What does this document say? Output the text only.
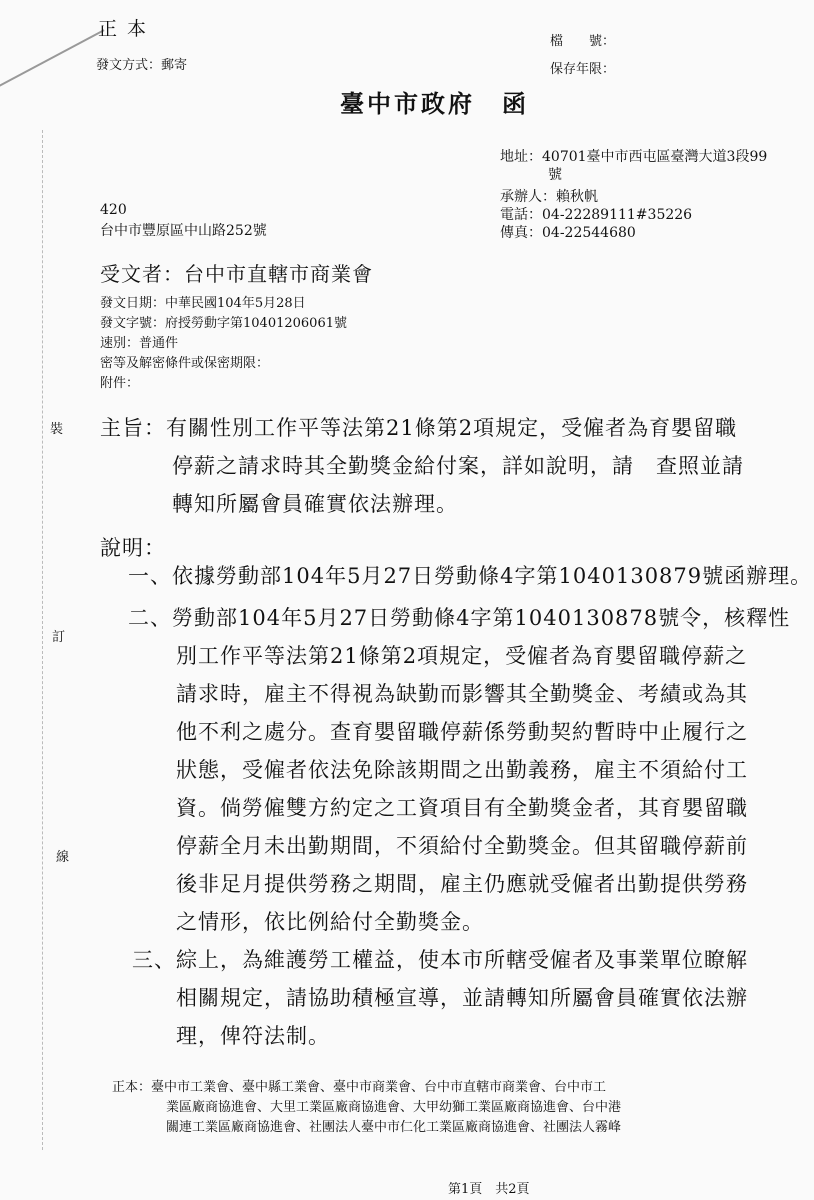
正 本
發文方式：郵寄
檔　　號：
保存年限：
臺中市政府　函
地址：40701臺中市西屯區臺灣大道3段99
號
承辦人：賴秋帆
電話：04-22289111#35226
傳真：04-22544680
420
台中市豐原區中山路252號
受文者：台中市直轄市商業會
發文日期：中華民國104年5月28日
發文字號：府授勞動字第10401206061號
速別：普通件
密等及解密條件或保密期限：
附件：
裝
訂
線
主旨：有關性別工作平等法第21條第2項規定，受僱者為育嬰留職
停薪之請求時其全勤獎金給付案，詳如說明，請　查照並請
轉知所屬會員確實依法辦理。
說明：
一、依據勞動部104年5月27日勞動條4字第1040130879號函辦理。
二、勞動部104年5月27日勞動條4字第1040130878號令，核釋性
別工作平等法第21條第2項規定，受僱者為育嬰留職停薪之
請求時，雇主不得視為缺勤而影響其全勤獎金、考績或為其
他不利之處分。查育嬰留職停薪係勞動契約暫時中止履行之
狀態，受僱者依法免除該期間之出勤義務，雇主不須給付工
資。倘勞僱雙方約定之工資項目有全勤獎金者，其育嬰留職
停薪全月未出勤期間，不須給付全勤獎金。但其留職停薪前
後非足月提供勞務之期間，雇主仍應就受僱者出勤提供勞務
之情形，依比例給付全勤獎金。
三、綜上，為維護勞工權益，使本市所轄受僱者及事業單位瞭解
相關規定，請協助積極宣導，並請轉知所屬會員確實依法辦
理，俾符法制。
正本：臺中市工業會、臺中縣工業會、臺中市商業會、台中市直轄市商業會、台中市工
業區廠商協進會、大里工業區廠商協進會、大甲幼獅工業區廠商協進會、台中港
關連工業區廠商協進會、社團法人臺中市仁化工業區廠商協進會、社團法人霧峰
第1頁　共2頁
